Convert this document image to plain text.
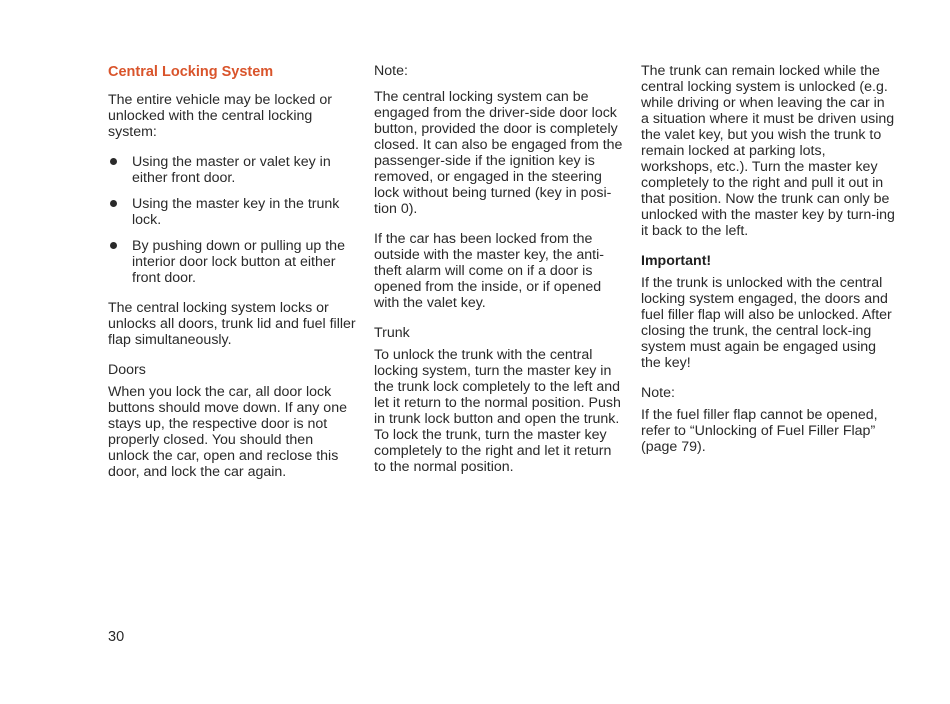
Central Locking System

The entire vehicle may be locked or unlocked with the central locking system:

Using the master or valet key in either front door.
Using the master key in the trunk lock.
By pushing down or pulling up the interior door lock button at either front door.

The central locking system locks or unlocks all doors, trunk lid and fuel filler flap simultaneously.

Doors

When you lock the car, all door lock buttons should move down. If any one stays up, the respective door is not properly closed. You should then unlock the car, open and reclose this door, and lock the car again.

Note:

The central locking system can be engaged from the driver-side door lock button, provided the door is completely closed. It can also be engaged from the passenger-side if the ignition key is removed, or engaged in the steering lock without being turned (key in posi-tion 0).

If the car has been locked from the outside with the master key, the anti-theft alarm will come on if a door is opened from the inside, or if opened with the valet key.

Trunk

To unlock the trunk with the central locking system, turn the master key in the trunk lock completely to the left and let it return to the normal position. Push in trunk lock button and open the trunk. To lock the trunk, turn the master key completely to the right and let it return to the normal position.

The trunk can remain locked while the central locking system is unlocked (e.g. while driving or when leaving the car in a situation where it must be driven using the valet key, but you wish the trunk to remain locked at parking lots, workshops, etc.). Turn the master key completely to the right and pull it out in that position. Now the trunk can only be unlocked with the master key by turn-ing it back to the left.

Important!

If the trunk is unlocked with the central locking system engaged, the doors and fuel filler flap will also be unlocked. After closing the trunk, the central lock-ing system must again be engaged using the key!

Note:

If the fuel filler flap cannot be opened, refer to “Unlocking of Fuel Filler Flap” (page 79).

30
